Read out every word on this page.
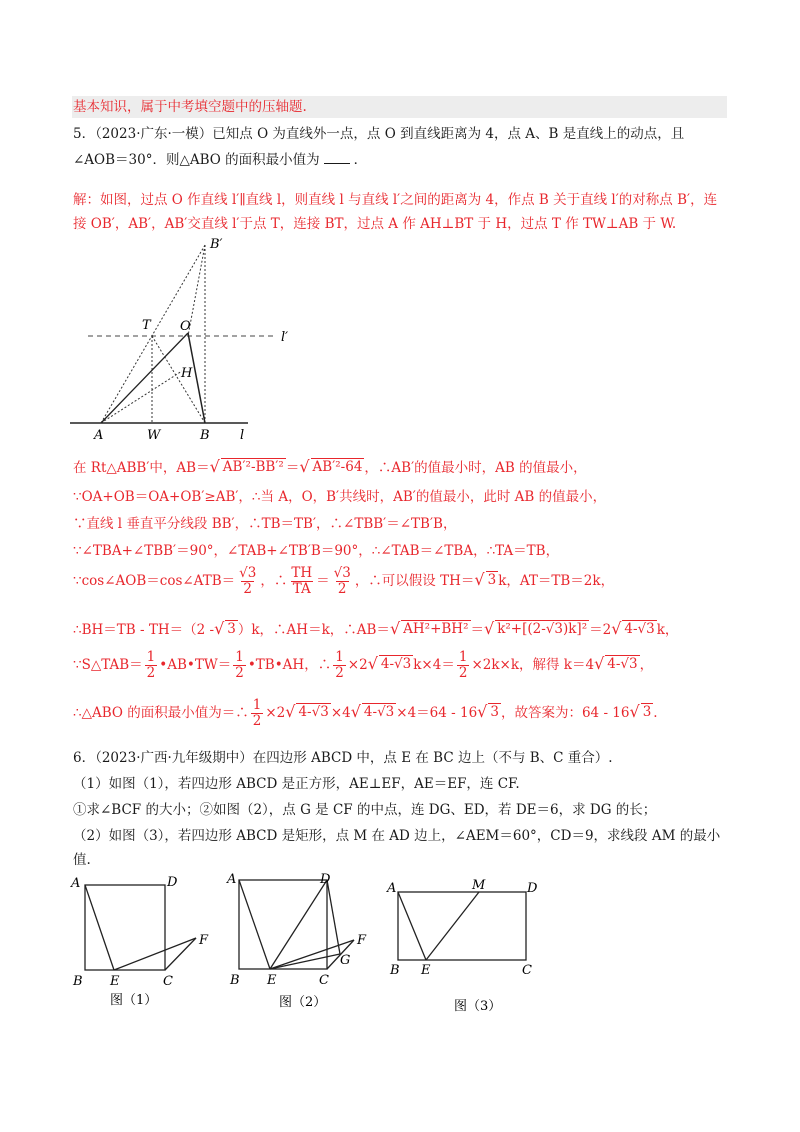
基本知识，属于中考填空题中的压轴题.
5．（2023·广东·一模）已知点 O 为直线外一点，点 O 到直线距离为 4，点 A、B 是直线上的动点，且
∠AOB＝30°．则△ABO 的面积最小值为	．
解：如图，过点 O 作直线 l′∥直线 l，则直线 l 与直线 l′之间的距离为 4，作点 B 关于直线 l′的对称点 B′，连
接 OB′，AB′，AB′交直线 l′于点 T，连接 BT，过点 A 作 AH⊥BT 于 H，过点 T 作 TW⊥AB 于 W.
B′
T O
l′
H
A	W	B l
在 Rt△ABB′中，AB＝ √ AB′²-BB′² ＝ √ AB′²-64 ，∴AB′的值最小时，AB 的值最小，
∵OA+OB＝OA+OB′≥AB′，∴当 A，O，B′共线时，AB′的值最小，此时 AB 的值最小，
∵直线 l 垂直平分线段 BB′，∴TB＝TB′，∴∠TBB′＝∠TB′B，
∵∠TBA+∠TBB′＝90°，∠TAB+∠TB′B＝90°，∴∠TAB＝∠TBA，∴TA＝TB，
∵cos∠AOB＝cos∠ATB＝ $\frac{√3}{2}$ ，∴ $\frac{TH}{TA} = \frac{√3}{2}$ ，∴可以假设 TH＝ √ 3 k，AT＝TB＝2k，
∴BH＝TB - TH＝（2 - √ 3 ）k，∴AH＝k，∴AB＝ √ AH²+BH² ＝ √ k²+[(2-√3)k]² ＝2 √ 4-√3 k，
∵S△TAB＝ $\frac{1}{2}$ •AB•TW＝ $\frac{1}{2}$ •TB•AH，∴ $\frac{1}{2} \times 2$ √ 4-√3 $k\times 4= \frac{1}{2} \times 2k\times k$，解得 k＝4 √ 4-√3 ，
∴△ABO 的面积最小值为＝∴ $\frac{1}{2} \times 2$ √ 4-√3 ×4 √ 4-√3 ×4＝64 - 16 √ 3 ，故答案为：64 - 16 √ 3 .
6．（2023·广西·九年级期中）在四边形 ABCD 中，点 E 在 BC 边上（不与 B、C 重合）.
（1）如图（1），若四边形 ABCD 是正方形，AE⊥EF，AE＝EF，连 CF.
①求∠BCF 的大小；②如图（2），点 G 是 CF 的中点，连 DG、ED，若 DE＝6，求 DG 的长；
（2）如图（3），若四边形 ABCD 是矩形，点 M 在 AD 边上，∠AEM＝60°，CD＝9，求线段 AM 的最小
值.
A	D
F
B E	C
图（1）
A	D
F
G
B E	C
图（2）
A	M	D
B E	C
图（3）
